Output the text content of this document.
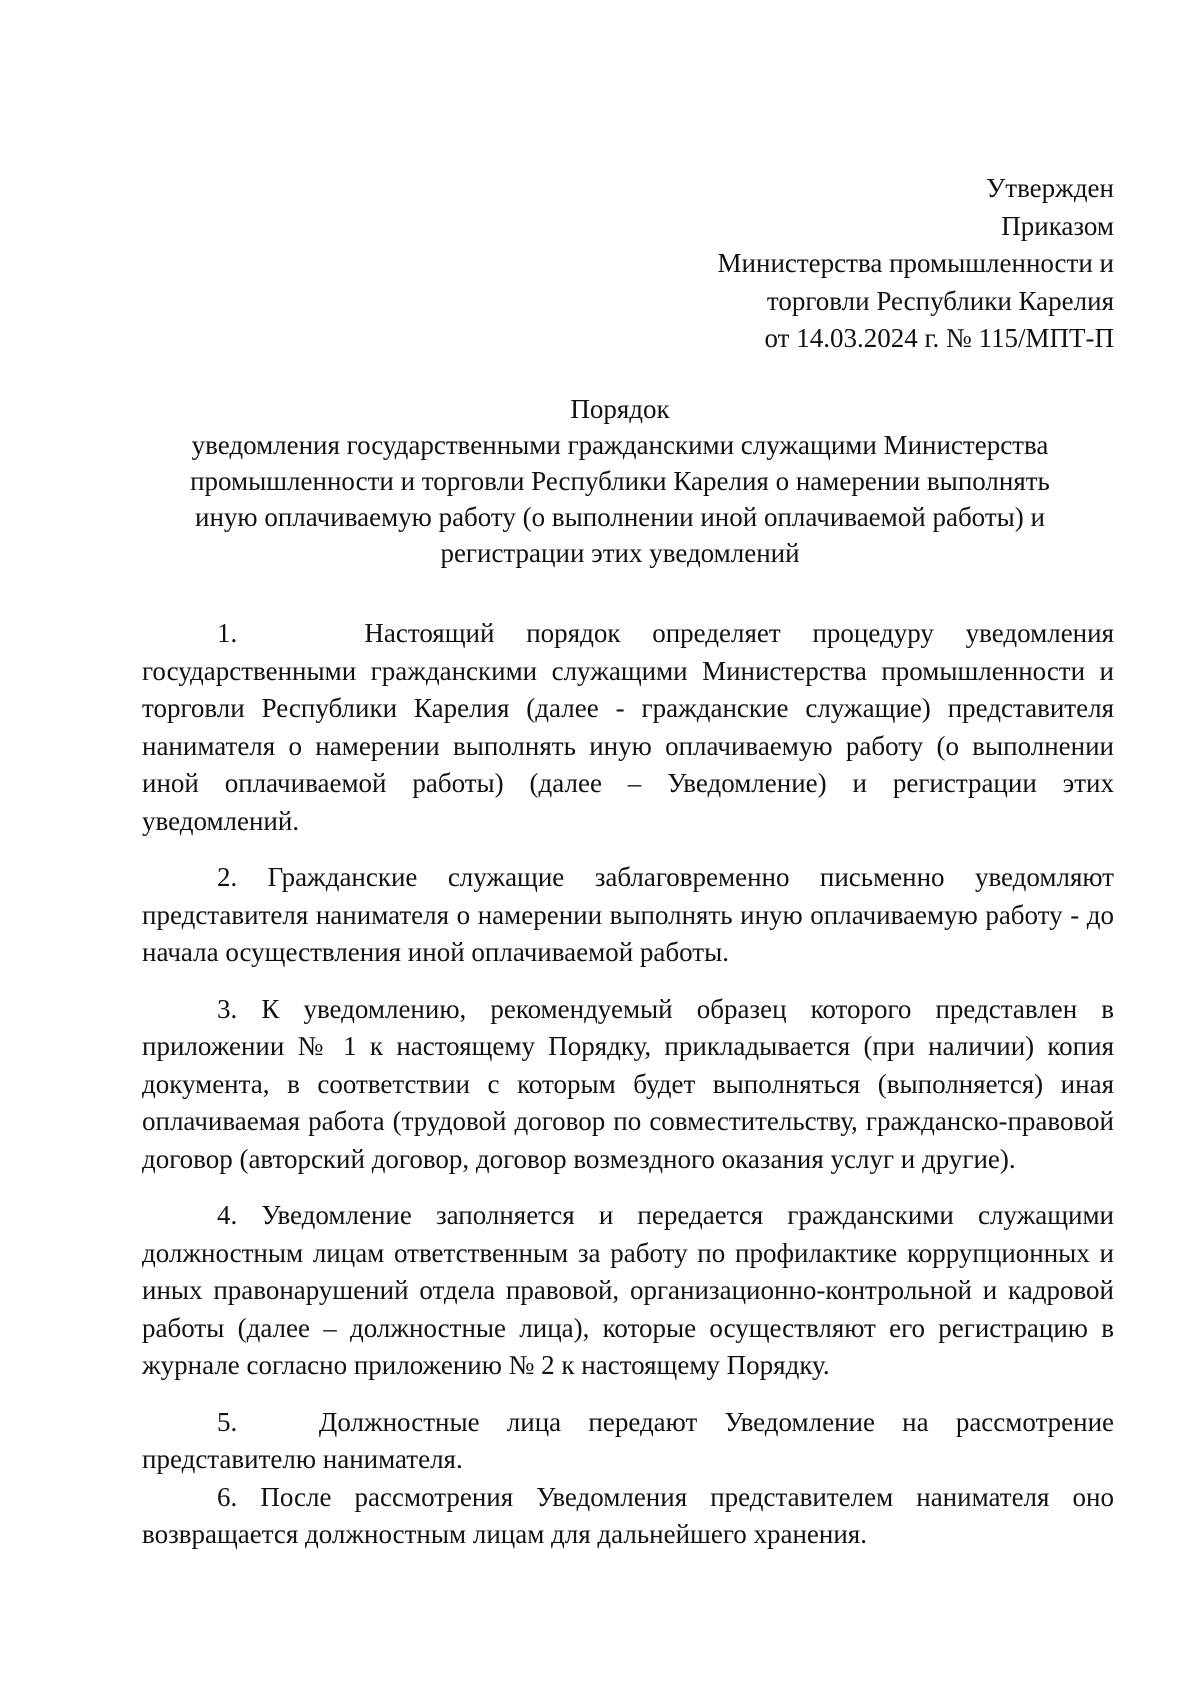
Утвержден
Приказом
Министерства промышленности и
торговли Республики Карелия
от 14.03.2024 г. № 115/МПТ-П
Порядок
уведомления государственными гражданскими служащими Министерства
промышленности и торговли Республики Карелия о намерении выполнять
иную оплачиваемую работу (о выполнении иной оплачиваемой работы) и
регистрации этих уведомлений

1.    Настоящий порядок определяет процедуру уведомления государственными гражданскими служащими Министерства промышленности и торговли Республики Карелия (далее - гражданские служащие) представителя нанимателя о намерении выполнять иную оплачиваемую работу (о выполнении иной оплачиваемой работы) (далее – Уведомление) и регистрации этих уведомлений.

2. Гражданские служащие заблаговременно письменно уведомляют представителя нанимателя о намерении выполнять иную оплачиваемую работу - до начала осуществления иной оплачиваемой работы.

3. К уведомлению, рекомендуемый образец которого представлен в приложении № 1 к настоящему Порядку, прикладывается (при наличии) копия документа, в соответствии с которым будет выполняться (выполняется) иная оплачиваемая работа (трудовой договор по совместительству, гражданско-правовой договор (авторский договор, договор возмездного оказания услуг и другие).

4. Уведомление заполняется и передается гражданскими служащими должностным лицам ответственным за работу по профилактике коррупционных и иных правонарушений отдела правовой, организационно-контрольной и кадровой работы (далее – должностные лица), которые осуществляют его регистрацию в журнале согласно приложению № 2 к настоящему Порядку.

5.   Должностные лица передают Уведомление на рассмотрение представителю нанимателя.

6. После рассмотрения Уведомления представителем нанимателя оно возвращается должностным лицам для дальнейшего хранения.
